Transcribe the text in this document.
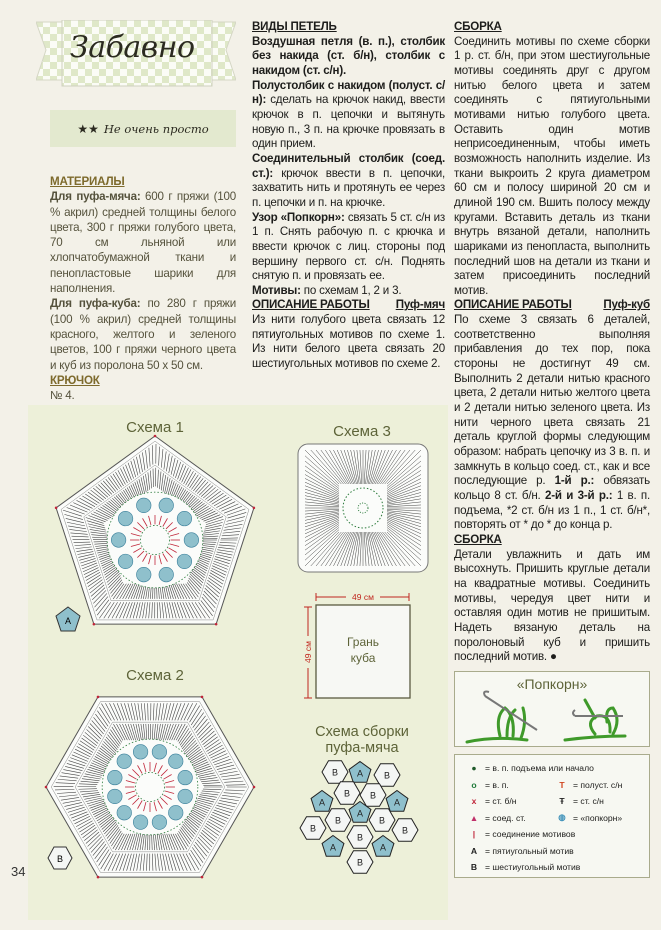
Забавно
★★ Не очень просто

МАТЕРИАЛЫ

Для пуфа-мяча: 600 г пряжи (100 % акрил) средней толщины белого цвета, 300 г пряжи голубого цвета, 70 см льняной или хлопчатобумажной ткани и пенопластовые шарики для наполнения.

Для пуфа-куба: по 280 г пряжи (100 % акрил) средней толщины красного, желтого и зеленого цветов, 100 г пряжи черного цвета и куб из поролона 50 x 50 см.

КРЮЧОК

№ 4.

ВИДЫ ПЕТЕЛЬ

Воздушная петля (в. п.), столбик без накида (ст. б/н), столбик с накидом (ст. с/н).

Полустолбик с накидом (полуст. с/н): сделать на крючок накид, ввести крючок в п. цепочки и вытянуть новую п., 3 п. на крючке провязать в один прием.

Соединительный столбик (соед. ст.): крючок ввести в п. цепочки, захватить нить и протянуть ее через п. цепочки и п. на крючке.

Узор «Попкорн»: связать 5 ст. с/н из 1 п. Снять рабочую п. с крючка и ввести крючок с лиц. стороны под вершину первого ст. с/н. Поднять снятую п. и провязать ее.

Мотивы: по схемам 1, 2 и 3.

ОПИСАНИЕ РАБОТЫ Пуф-мяч

Из нити голубого цвета связать 12 пятиугольных мотивов по схеме 1. Из нити белого цвета связать 20 шестиугольных мотивов по схеме 2.

Схема 1	Схема 3
Схема 2
A
B
49 см
49 см	Грань
куба
Схема сборки
пуфа-мяча
B A B
B B
A	A
B
A
B
B	B
B
A	A
B

СБОРКА

Соединить мотивы по схеме сборки 1 р. ст. б/н, при этом шестиугольные мотивы соединять друг с другом нитью белого цвета и затем соединять с пятиугольными мотивами нитью голубого цвета. Оставить один мотив неприсоединенным, чтобы иметь возможность наполнить изделие. Из ткани выкроить 2 круга диаметром 60 см и полосу шириной 20 см и длиной 190 см. Вшить полосу между кругами. Вставить деталь из ткани внутрь вязаной детали, наполнить шариками из пенопласта, выполнить последний шов на детали из ткани и затем присоединить последний мотив.

ОПИСАНИЕ РАБОТЫ	Пуф-куб

По схеме 3 связать 6 деталей, соответственно выполняя прибавления до тех пор, пока стороны не достигнут 49 см. Выполнить 2 детали нитью красного цвета, 2 детали нитью желтого цвета и 2 детали нитью зеленого цвета. Из нити черного цвета связать 21 деталь круглой формы следующим образом: набрать цепочку из 3 в. п. и замкнуть в кольцо соед. ст., как и все последующие р. 1-й р.: обвязать кольцо 8 ст. б/н. 2-й и 3-й р.: 1 в. п. подъема, *2 ст. б/н из 1 п., 1 ст. б/н*, повторять от * до * до конца р.

СБОРКА

Детали увлажнить и дать им высохнуть. Пришить круглые детали на квадратные мотивы. Соединить мотивы, чередуя цвет нити и оставляя один мотив не пришитым. Надеть вязаную деталь на поролоновый куб и пришить последний мотив. ●

«Попкорн»
● = в. п. подъема или начало
o = в. п.	T = полуст. с/н
x	= ст. б/н	Ŧ = ст. с/н
▲ = соед. ст.	◍ = «попкорн»
|	= соединение мотивов
A = пятиугольный мотив
B = шестиугольный мотив
34
